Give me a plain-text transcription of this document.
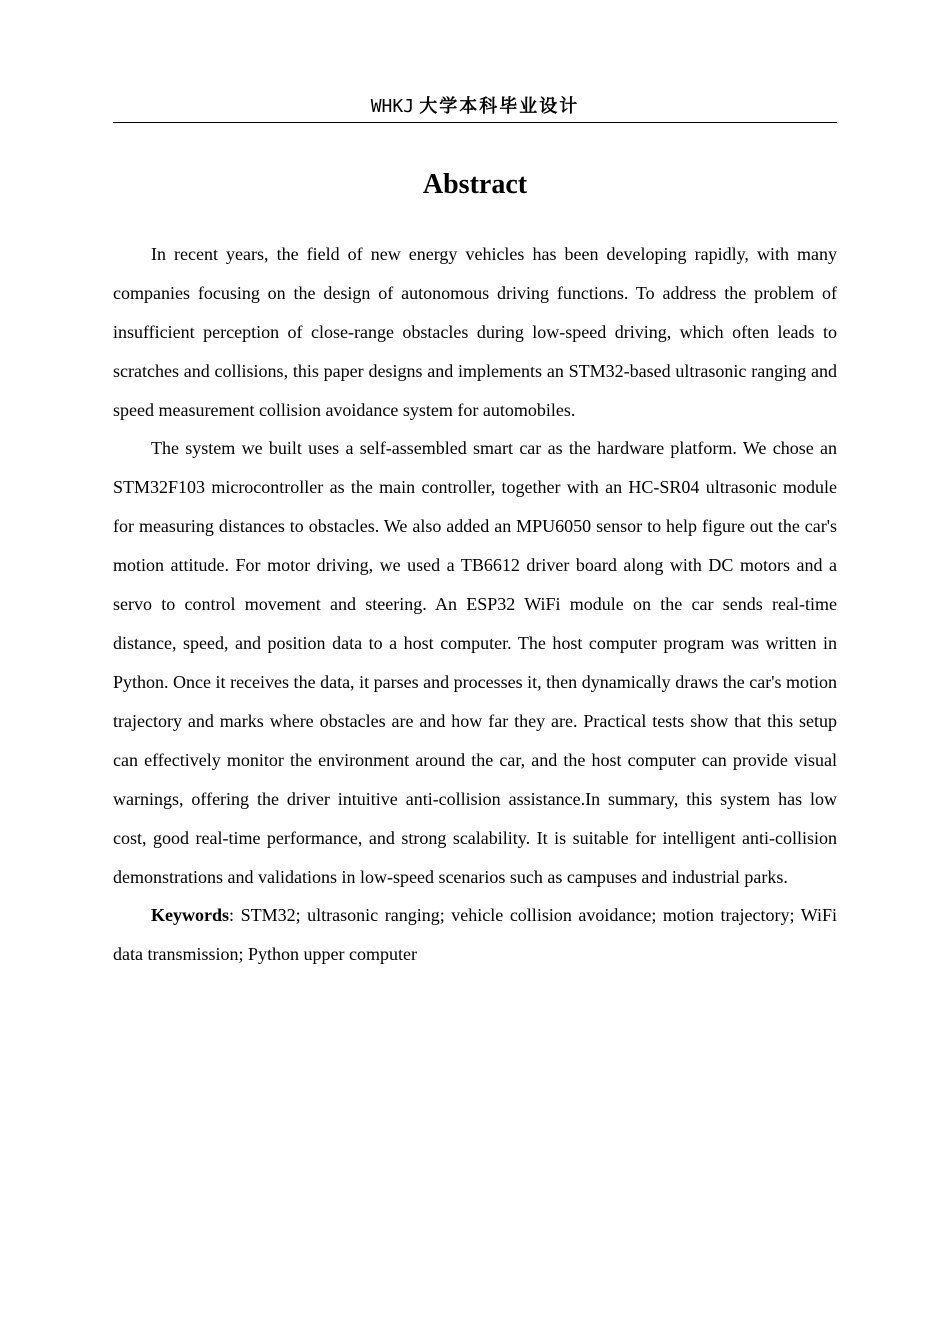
WHKJ 大学本科毕业设计
Abstract

In recent years, the field of new energy vehicles has been developing rapidly, with many companies focusing on the design of autonomous driving functions. To address the problem of insufficient perception of close-range obstacles during low-speed driving, which often leads to scratches and collisions, this paper designs and implements an STM32-based ultrasonic ranging and speed measurement collision avoidance system for automobiles.

The system we built uses a self-assembled smart car as the hardware platform. We chose an STM32F103 microcontroller as the main controller, together with an HC-SR04 ultrasonic module for measuring distances to obstacles. We also added an MPU6050 sensor to help figure out the car's motion attitude. For motor driving, we used a TB6612 driver board along with DC motors and a servo to control movement and steering. An ESP32 WiFi module on the car sends real-time distance, speed, and position data to a host computer. The host computer program was written in Python. Once it receives the data, it parses and processes it, then dynamically draws the car's motion trajectory and marks where obstacles are and how far they are. Practical tests show that this setup can effectively monitor the environment around the car, and the host computer can provide visual warnings, offering the driver intuitive anti-collision assistance.In summary, this system has low cost, good real-time performance, and strong scalability. It is suitable for intelligent anti-collision demonstrations and validations in low-speed scenarios such as campuses and industrial parks.

Keywords: STM32; ultrasonic ranging; vehicle collision avoidance; motion trajectory; WiFi data transmission; Python upper computer
